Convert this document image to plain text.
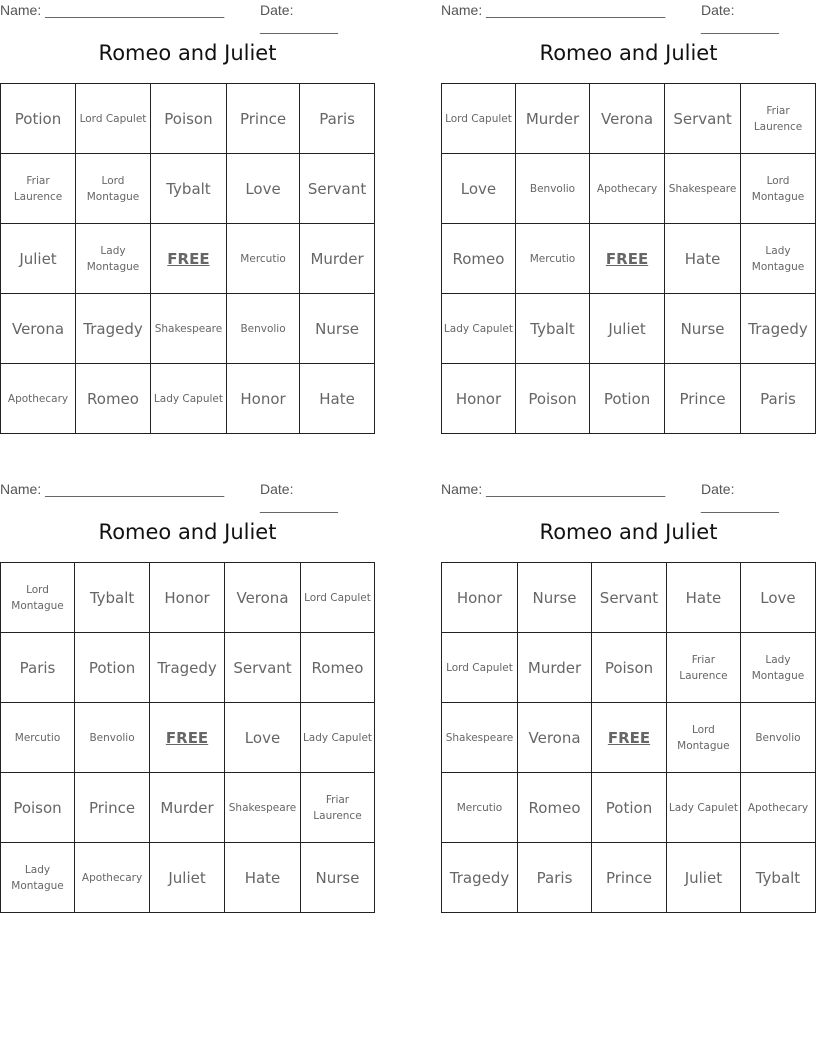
Name: _______________________	Date: __________
Romeo and Juliet
Potion	Lord Capulet	Poison	Prince	Paris
Friar Laurence	Lord Montague	Tybalt	Love	Servant
Juliet	Lady Montague	FREE	Mercutio	Murder
Verona	Tragedy	Shakespeare	Benvolio	Nurse
Apothecary	Romeo	Lady Capulet	Honor	Hate
Name: _______________________	Date: __________
Romeo and Juliet
Lord Capulet	Murder	Verona	Servant	Friar Laurence
Love	Benvolio	Apothecary	Shakespeare	Lord Montague
Romeo	Mercutio	FREE	Hate	Lady Montague
Lady Capulet	Tybalt	Juliet	Nurse	Tragedy
Honor	Poison	Potion	Prince	Paris
Name: _______________________	Date: __________
Romeo and Juliet
Lord Montague	Tybalt	Honor	Verona	Lord Capulet
Paris	Potion	Tragedy	Servant	Romeo
Mercutio	Benvolio	FREE	Love	Lady Capulet
Poison	Prince	Murder	Shakespeare	Friar Laurence
Lady Montague	Apothecary	Juliet	Hate	Nurse
Name: _______________________	Date: __________
Romeo and Juliet
Honor	Nurse	Servant	Hate	Love
Lord Capulet	Murder	Poison	Friar Laurence	Lady Montague
Shakespeare	Verona	FREE	Lord Montague	Benvolio
Mercutio	Romeo	Potion	Lady Capulet	Apothecary
Tragedy	Paris	Prince	Juliet	Tybalt
